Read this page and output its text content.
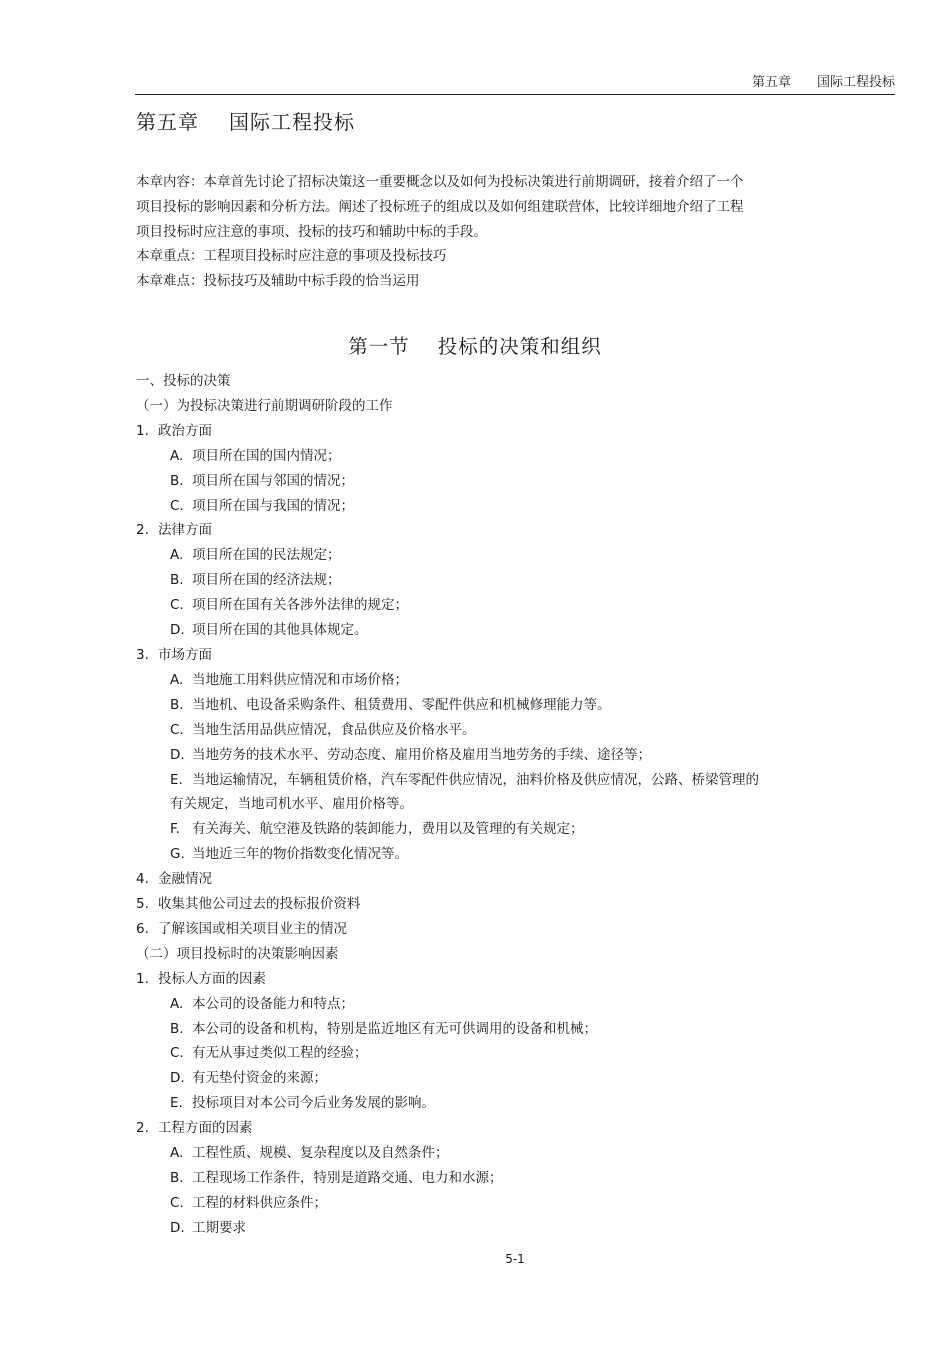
第五章 国际工程投标
第五章 国际工程投标

本章内容：本章首先讨论了招标决策这一重要概念以及如何为投标决策进行前期调研，接着介绍了一个

项目投标的影响因素和分析方法。阐述了投标班子的组成以及如何组建联营体，比较详细地介绍了工程

项目投标时应注意的事项、投标的技巧和辅助中标的手段。

本章重点：工程项目投标时应注意的事项及投标技巧

本章难点：投标技巧及辅助中标手段的恰当运用

第一节 投标的决策和组织

一、投标的决策

（一）为投标决策进行前期调研阶段的工作

1. 政治方面

A. 项目所在国的国内情况；

B. 项目所在国与邻国的情况；

C. 项目所在国与我国的情况；

2. 法律方面

A. 项目所在国的民法规定；

B. 项目所在国的经济法规；

C. 项目所在国有关各涉外法律的规定；

D. 项目所在国的其他具体规定。

3. 市场方面

A. 当地施工用料供应情况和市场价格；

B. 当地机、电设备采购条件、租赁费用、零配件供应和机械修理能力等。

C. 当地生活用品供应情况，食品供应及价格水平。

D. 当地劳务的技术水平、劳动态度、雇用价格及雇用当地劳务的手续、途径等；

E. 当地运输情况，车辆租赁价格，汽车零配件供应情况，油料价格及供应情况，公路、桥梁管理的

有关规定，当地司机水平、雇用价格等。

F. 有关海关、航空港及铁路的装卸能力，费用以及管理的有关规定；

G. 当地近三年的物价指数变化情况等。

4. 金融情况

5. 收集其他公司过去的投标报价资料

6. 了解该国或相关项目业主的情况

（二）项目投标时的决策影响因素

1. 投标人方面的因素

A. 本公司的设备能力和特点；

B. 本公司的设备和机构，特别是监近地区有无可供调用的设备和机械；

C. 有无从事过类似工程的经验；

D. 有无垫付资金的来源；

E. 投标项目对本公司今后业务发展的影响。

2. 工程方面的因素

A. 工程性质、规模、复杂程度以及自然条件；

B. 工程现场工作条件，特别是道路交通、电力和水源；

C. 工程的材料供应条件；

D. 工期要求

5-1
